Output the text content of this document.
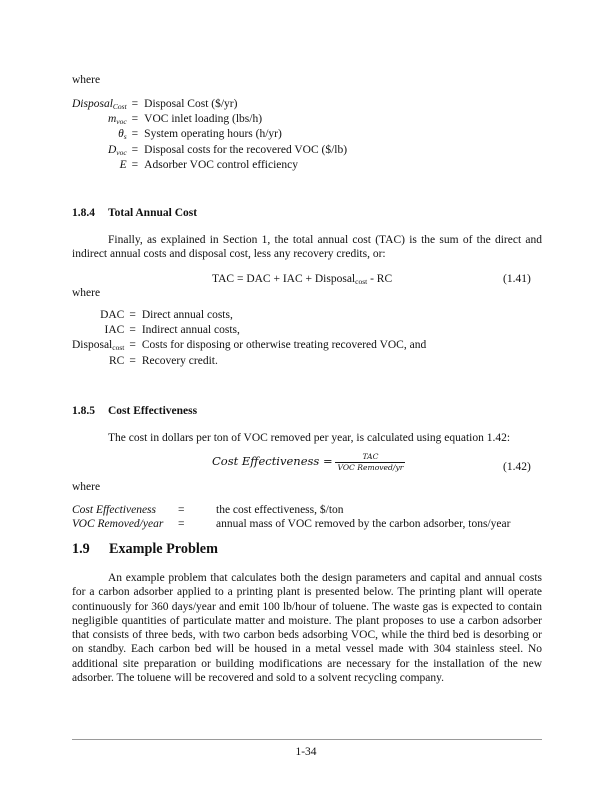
where
DisposalCost	=	Disposal Cost ($/yr)
mvoc	=	VOC inlet loading (lbs/h)
θs	=	System operating hours (h/yr)
Dvoc	=	Disposal costs for the recovered VOC ($/lb)
E	=	Adsorber VOC control efficiency
1.8.4 Total Annual Cost

Finally, as explained in Section 1, the total annual cost (TAC) is the sum of the direct and indirect annual costs and disposal cost, less any recovery credits, or:

TAC = DAC + IAC + Disposalcost - RC	(1.41)
where
DAC	=	Direct annual costs,
IAC	=	Indirect annual costs,
Disposalcost	=	Costs for disposing or otherwise treating recovered VOC, and
RC	=	Recovery credit.
1.8.5 Cost Effectiveness

The cost in dollars per ton of VOC removed per year, is calculated using equation 1.42:

Cost Effectiveness = $\frac{\text{TAC}}{\text{VOC Removed/yr}}$	(1.42)
where
Cost Effectiveness =	the cost effectiveness, $/ton
VOC Removed/year =	annual mass of VOC removed by the carbon adsorber, tons/year
1.9 Example Problem

An example problem that calculates both the design parameters and capital and annual costs for a carbon adsorber applied to a printing plant is presented below. The printing plant will operate continuously for 360 days/year and emit 100 lb/hour of toluene. The waste gas is expected to contain negligible quantities of particulate matter and moisture. The plant proposes to use a carbon adsorber that consists of three beds, with two carbon beds adsorbing VOC, while the third bed is desorbing or on standby. Each carbon bed will be housed in a metal vessel made with 304 stainless steel. No additional site preparation or building modifications are necessary for the installation of the new adsorber. The toluene will be recovered and sold to a solvent recycling company.

1-34
